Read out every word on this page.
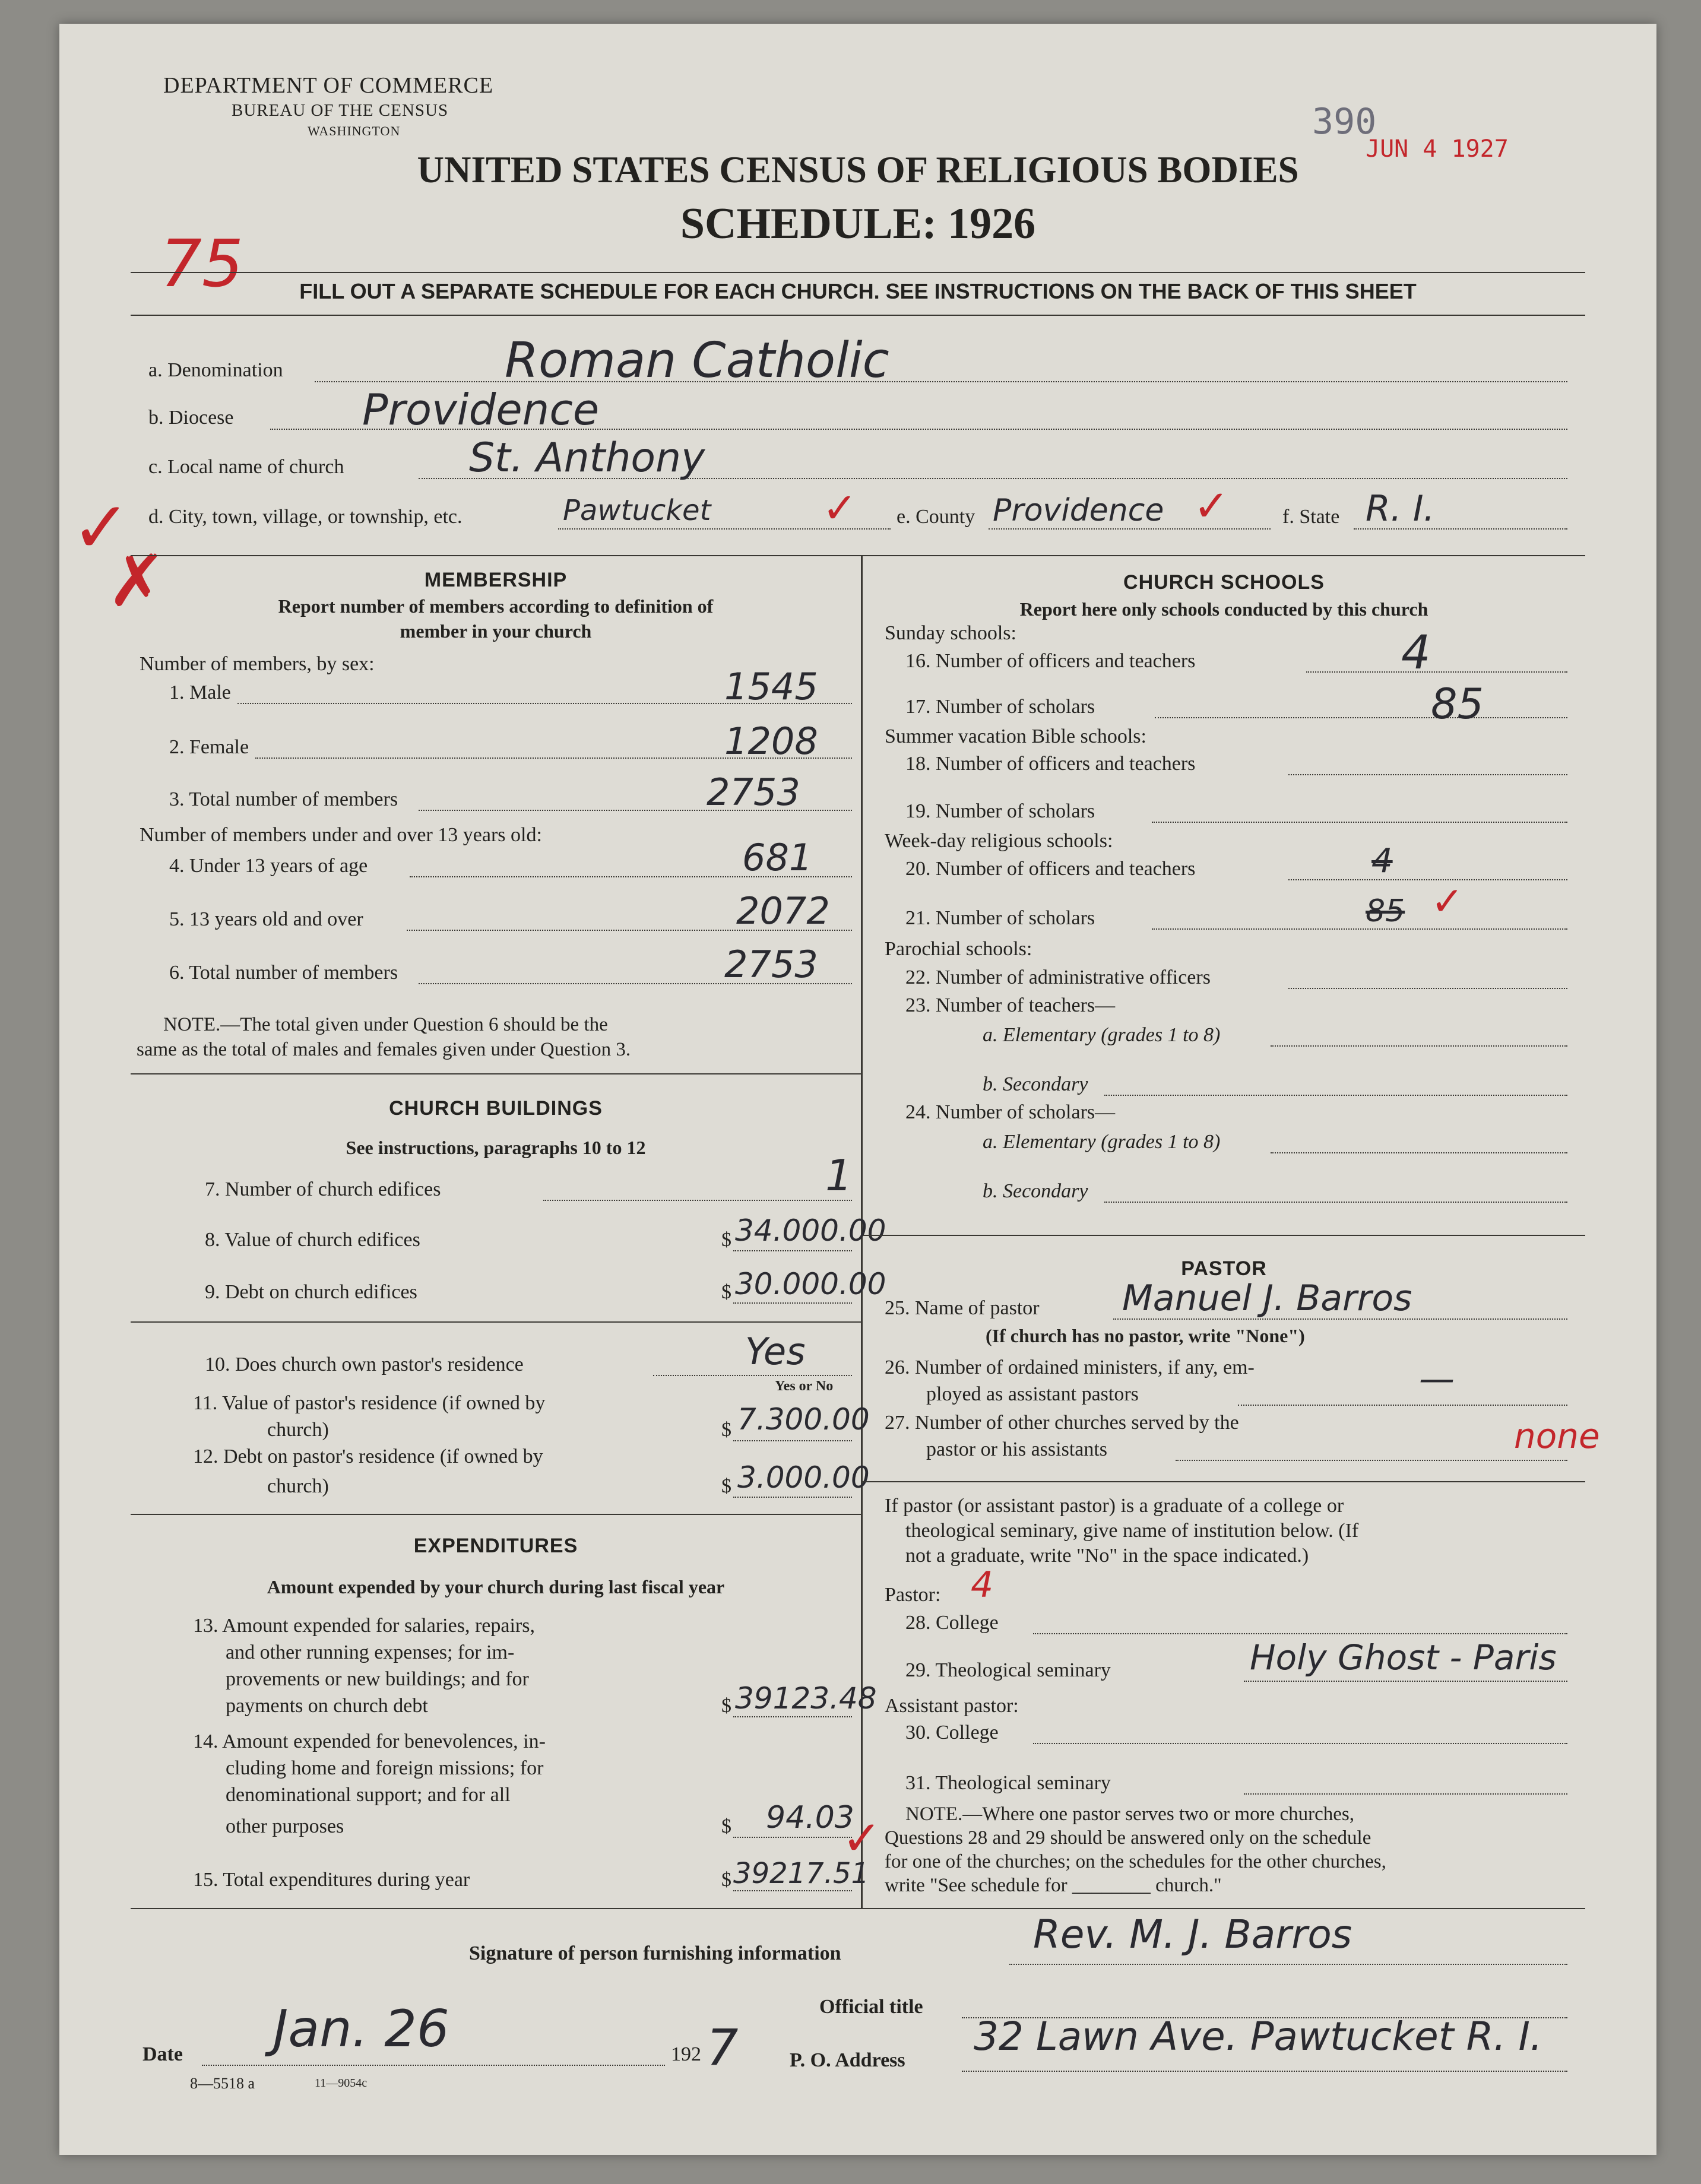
390
JUN 4 1927
DEPARTMENT OF COMMERCE
BUREAU OF THE CENSUS
WASHINGTON
UNITED STATES CENSUS OF RELIGIOUS BODIES
SCHEDULE: 1926
75	FILL OUT A SEPARATE SCHEDULE FOR EACH CHURCH. SEE INSTRUCTIONS ON THE BACK OF THIS SHEET
a. Denomination	Roman Catholic
b. Diocese	Providence
c. Local name of church	St. Anthony
✓
✗
d. City, town, village, or township, etc.	Pawtucket	✓ e. County Providence ✓	f. State R. I.
MEMBERSHIP
Report number of members according to definition of
member in your church
Number of members, by sex:
1. Male	1545
2. Female	1208
3. Total number of members	2753
Number of members under and over 13 years old:
4. Under 13 years of age	681
5. 13 years old and over	2072
6. Total number of members	2753
NOTE.—The total given under Question 6 should be the
same as the total of males and females given under Question 3.
CHURCH BUILDINGS
See instructions, paragraphs 10 to 12
7. Number of church edifices	1
8. Value of church edifices	$ 34.000.00
9. Debt on church edifices	$ 30.000.00
10. Does church own pastor's residence	Yes
Yes or No
11. Value of pastor's residence (if owned by
church)	$ 7.300.00
12. Debt on pastor's residence (if owned by
church)	$ 3.000.00
EXPENDITURES
Amount expended by your church during last fiscal year
13. Amount expended for salaries, repairs,
and other running expenses; for im-
provements or new buildings; and for
payments on church debt	$ 39123.48
14. Amount expended for benevolences, in-
cluding home and foreign missions; for
denominational support; and for all
other purposes	$ 94.03
15. Total expenditures during year	$ 39217.51
✓
CHURCH SCHOOLS
Report here only schools conducted by this church
Sunday schools:
16. Number of officers and teachers	4
17. Number of scholars	85
Summer vacation Bible schools:
18. Number of officers and teachers
19. Number of scholars
Week-day religious schools:
20. Number of officers and teachers	4
21. Number of scholars	85 ✓
Parochial schools:
22. Number of administrative officers
23. Number of teachers—
a. Elementary (grades 1 to 8)
b. Secondary
24. Number of scholars—
a. Elementary (grades 1 to 8)
b. Secondary
PASTOR
25. Name of pastor Manuel J. Barros
(If church has no pastor, write "None")
26. Number of ordained ministers, if any, em-
ployed as assistant pastors	—
27. Number of other churches served by the
pastor or his assistants	none
If pastor (or assistant pastor) is a graduate of a college or
theological seminary, give name of institution below. (If
not a graduate, write "No" in the space indicated.)
Pastor: 4
28. College
29. Theological seminary	Holy Ghost - Paris
Assistant pastor:
30. College
31. Theological seminary
NOTE.—Where one pastor serves two or more churches,
Questions 28 and 29 should be answered only on the schedule
for one of the churches; on the schedules for the other churches,
write "See schedule for ________ church."
Signature of person furnishing information	Rev. M. J. Barros
Official title
Date Jan. 26	192 7	P. O. Address
32 Lawn Ave. Pawtucket R. I.
8—5518 a	11—9054c
